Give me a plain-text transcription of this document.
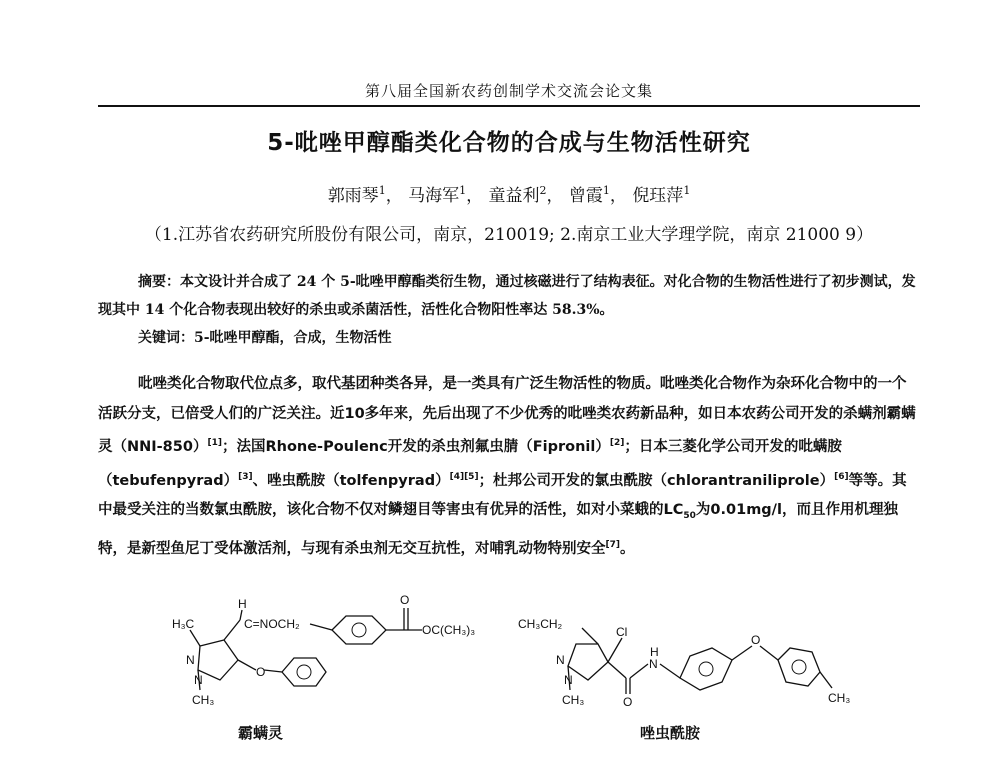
第八届全国新农药创制学术交流会论文集
5-吡唑甲醇酯类化合物的合成与生物活性研究
郭雨琴$^1$， 马海军$^1$， 童益利$^2$， 曾霞$^1$， 倪珏萍$^1$
（1.江苏省农药研究所股份有限公司，南京，210019; 2.南京工业大学理学院，南京 21000 9）

摘要：本文设计并合成了 24 个 5-吡唑甲醇酯类衍生物，通过核磁进行了结构表征。对化合物的生物活性进行了初步测试，发现其中 14 个化合物表现出较好的杀虫或杀菌活性，活性化合物阳性率达 58.3%。

关键词：5-吡唑甲醇酯，合成，生物活性

吡唑类化合物取代位点多，取代基团种类各异，是一类具有广泛生物活性的物质。吡唑类化合物作为杂环化合物中的一个活跃分支，已倍受人们的广泛关注。近10多年来，先后出现了不少优秀的吡唑类农药新品种，如日本农药公司开发的杀螨剂霸螨灵（NNI-850）[1]；法国Rhone-Poulenc开发的杀虫剂氟虫腈（Fipronil）[2]；日本三菱化学公司开发的吡螨胺（tebufenpyrad）[3]、唑虫酰胺（tolfenpyrad）[4][5]；杜邦公司开发的氯虫酰胺（chlorantraniliprole）[6]等等。其中最受关注的当数氯虫酰胺，该化合物不仅对鳞翅目等害虫有优异的活性，如对小菜蛾的$LC_{50}$为0.01mg/l，而且作用机理独特，是新型鱼尼丁受体激活剂，与现有杀虫剂无交互抗性，对哺乳动物特别安全[7]。

H₃C
H
C=NOCH₂
O
OC(CH₃)₃
O
N
N
CH₃
CH₃CH₂
Cl
N
N
CH₃
H
N
O
O
CH₃
霸螨灵	唑虫酰胺
